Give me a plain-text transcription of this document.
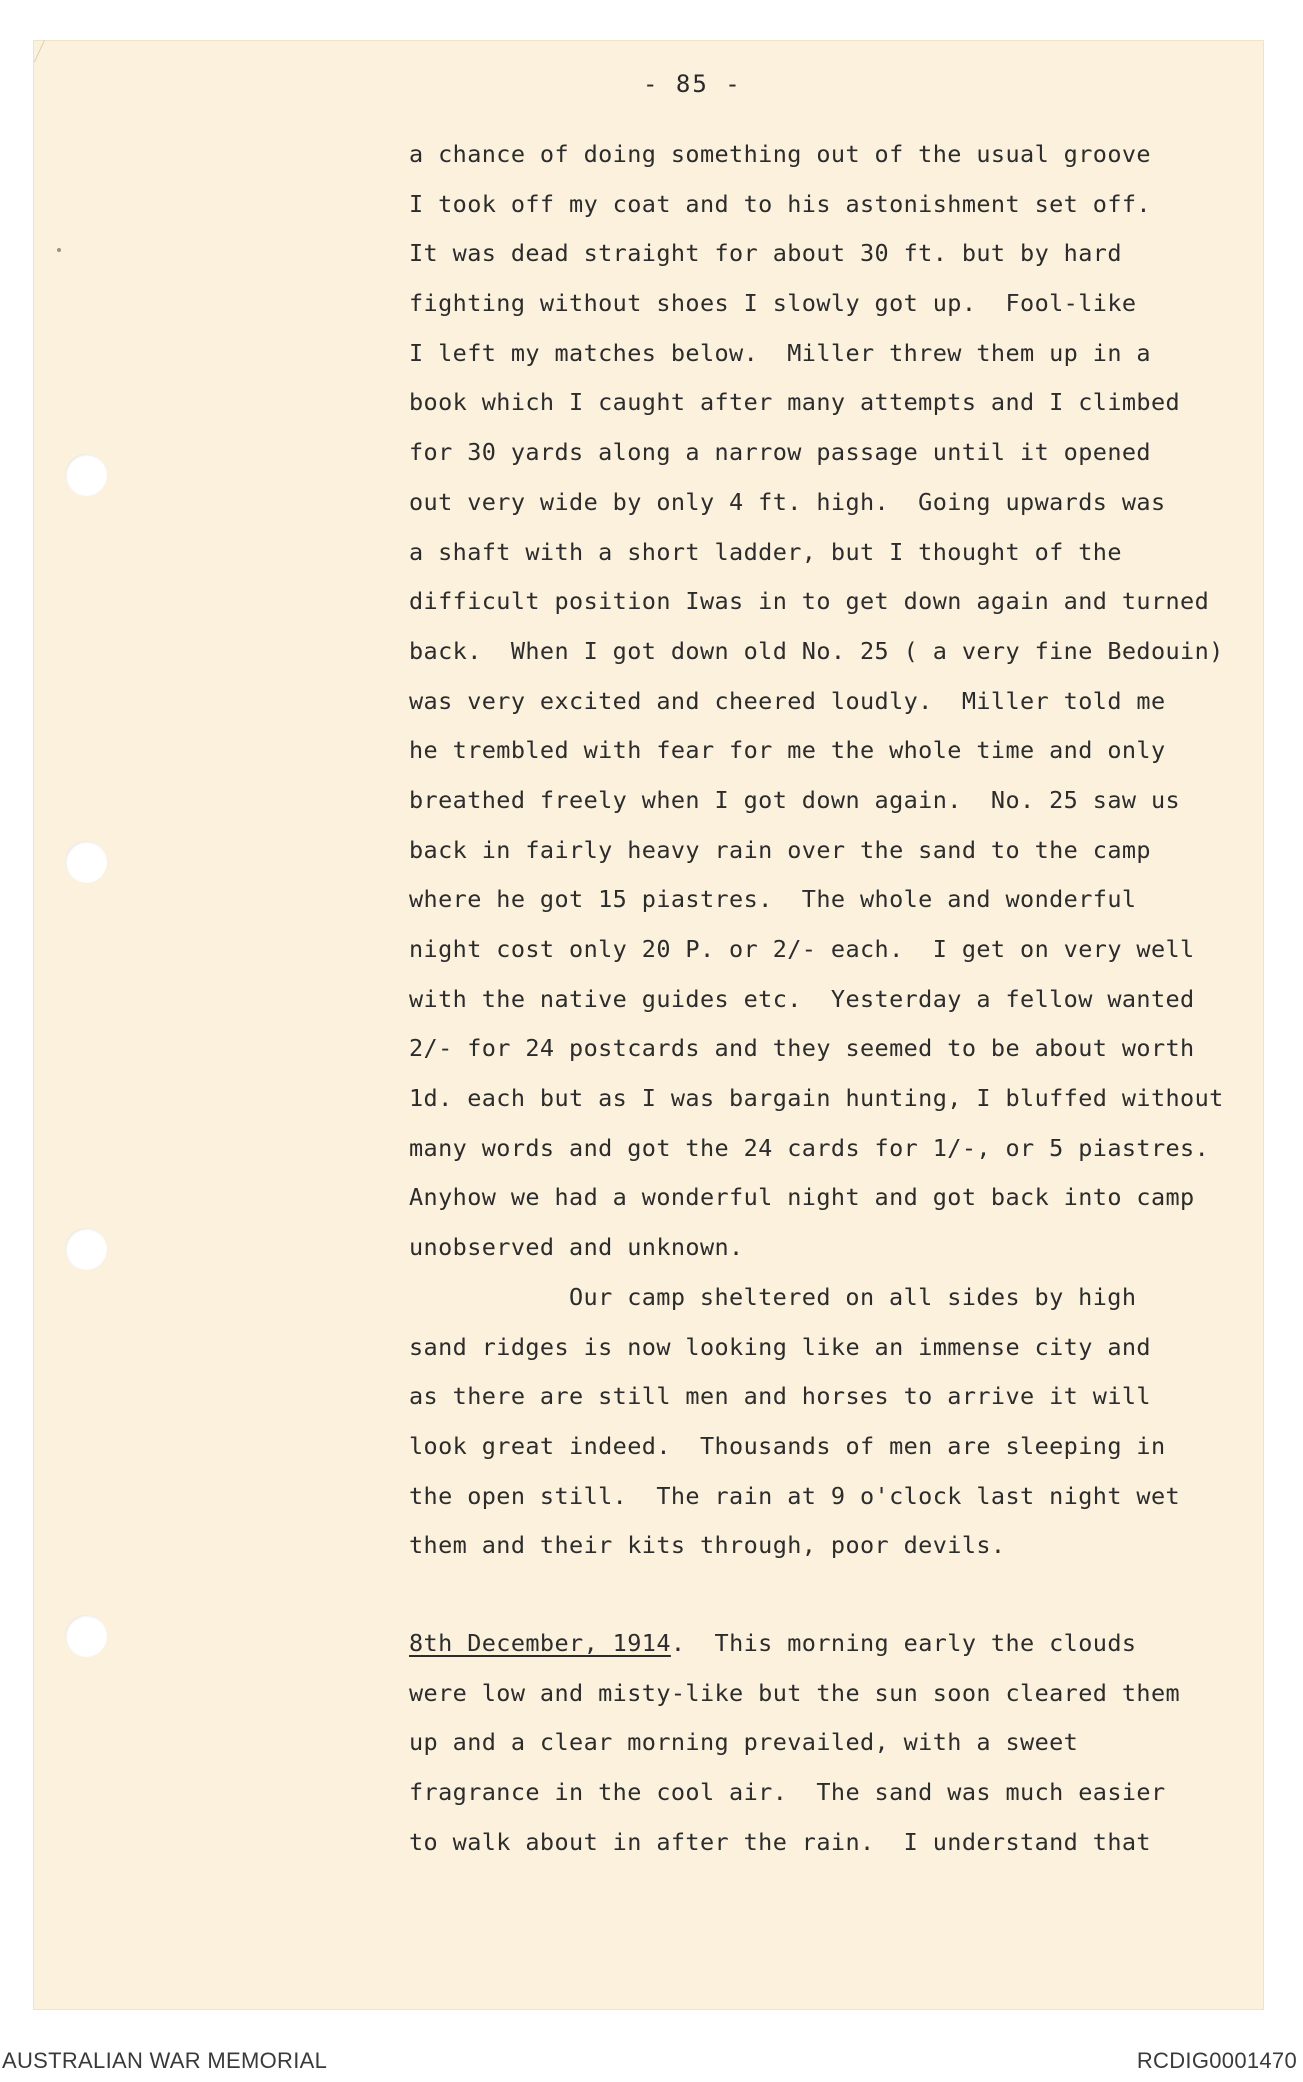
- 85 -
a chance of doing something out of the usual groove
I took off my coat and to his astonishment set off.
It was dead straight for about 30 ft. but by hard
fighting without shoes I slowly got up.  Fool-like
I left my matches below.  Miller threw them up in a
book which I caught after many attempts and I climbed
for 30 yards along a narrow passage until it opened
out very wide by only 4 ft. high.  Going upwards was
a shaft with a short ladder, but I thought of the
difficult position Iwas in to get down again and turned
back.  When I got down old No. 25 ( a very fine Bedouin)
was very excited and cheered loudly.  Miller told me
he trembled with fear for me the whole time and only
breathed freely when I got down again.  No. 25 saw us
back in fairly heavy rain over the sand to the camp
where he got 15 piastres.  The whole and wonderful
night cost only 20 P. or 2/- each.  I get on very well
with the native guides etc.  Yesterday a fellow wanted
2/- for 24 postcards and they seemed to be about worth
1d. each but as I was bargain hunting, I bluffed without
many words and got the 24 cards for 1/-, or 5 piastres.
Anyhow we had a wonderful night and got back into camp
unobserved and unknown.
Our camp sheltered on all sides by high
sand ridges is now looking like an immense city and
as there are still men and horses to arrive it will
look great indeed.  Thousands of men are sleeping in
the open still.  The rain at 9 o'clock last night wet
them and their kits through, poor devils.
8th December, 1914.  This morning early the clouds
were low and misty-like but the sun soon cleared them
up and a clear morning prevailed, with a sweet
fragrance in the cool air.  The sand was much easier
to walk about in after the rain.  I understand that
AUSTRALIAN WAR MEMORIAL	RCDIG0001470
